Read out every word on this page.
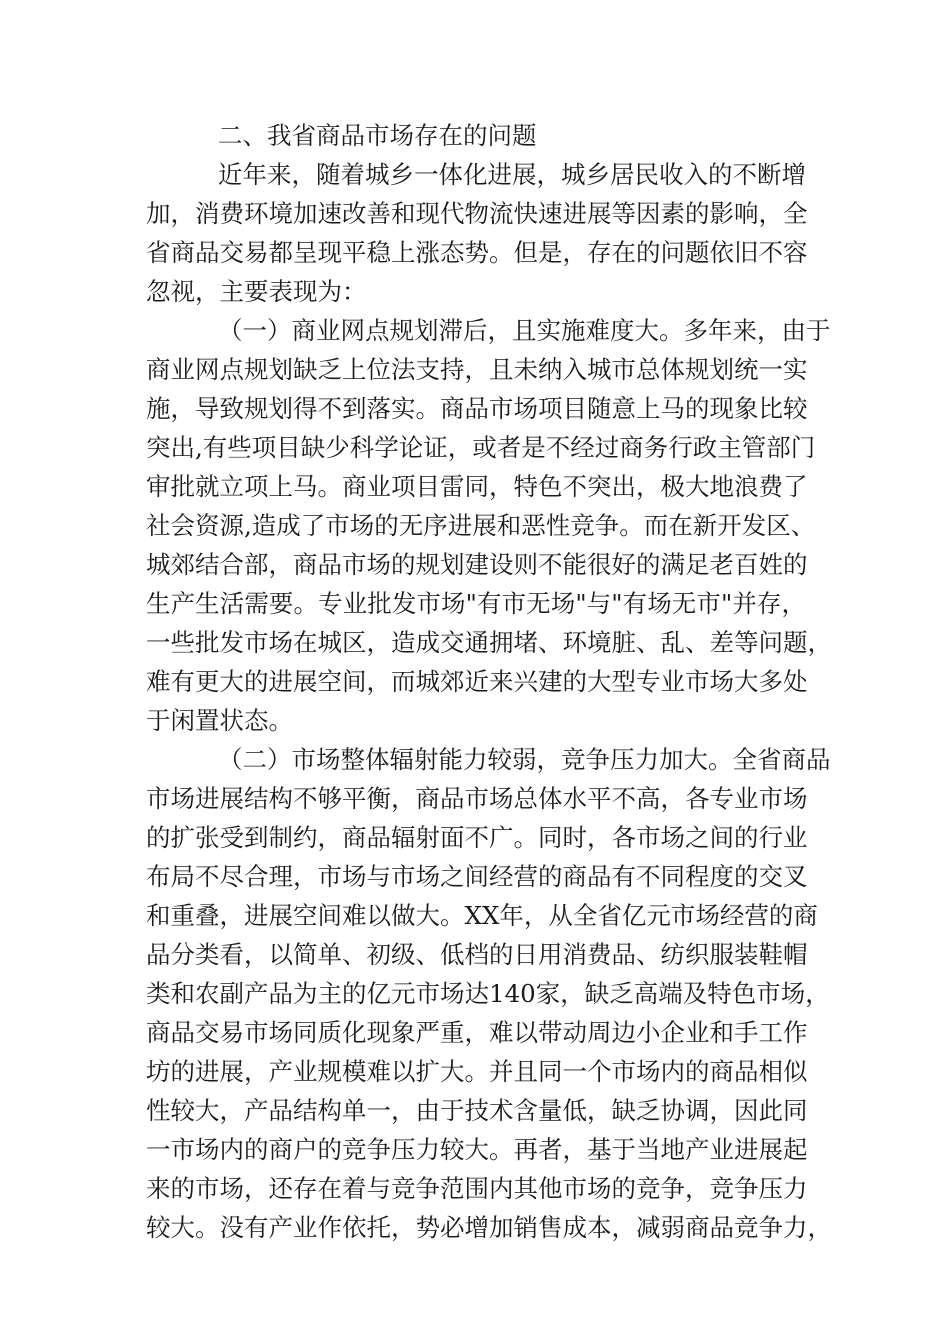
二、我省商品市场存在的问题
近年来，随着城乡一体化进展，城乡居民收入的不断增
加，消费环境加速改善和现代物流快速进展等因素的影响，全
省商品交易都呈现平稳上涨态势。但是，存在的问题依旧不容
忽视，主要表现为：
（一）商业网点规划滞后，且实施难度大。多年来，由于
商业网点规划缺乏上位法支持，且未纳入城市总体规划统一实
施，导致规划得不到落实。商品市场项目随意上马的现象比较
突出,有些项目缺少科学论证，或者是不经过商务行政主管部门
审批就立项上马。商业项目雷同，特色不突出，极大地浪费了
社会资源,造成了市场的无序进展和恶性竞争。而在新开发区、
城郊结合部，商品市场的规划建设则不能很好的满足老百姓的
生产生活需要。专业批发市场"有市无场"与"有场无市"并存，
一些批发市场在城区，造成交通拥堵、环境脏、乱、差等问题，
难有更大的进展空间，而城郊近来兴建的大型专业市场大多处
于闲置状态。
（二）市场整体辐射能力较弱，竞争压力加大。全省商品
市场进展结构不够平衡，商品市场总体水平不高，各专业市场
的扩张受到制约，商品辐射面不广。同时，各市场之间的行业
布局不尽合理，市场与市场之间经营的商品有不同程度的交叉
和重叠，进展空间难以做大。XX年，从全省亿元市场经营的商
品分类看，以简单、初级、低档的日用消费品、纺织服装鞋帽
类和农副产品为主的亿元市场达140家，缺乏高端及特色市场，
商品交易市场同质化现象严重，难以带动周边小企业和手工作
坊的进展，产业规模难以扩大。并且同一个市场内的商品相似
性较大，产品结构单一，由于技术含量低，缺乏协调，因此同
一市场内的商户的竞争压力较大。再者，基于当地产业进展起
来的市场，还存在着与竞争范围内其他市场的竞争，竞争压力
较大。没有产业作依托，势必增加销售成本，减弱商品竞争力，
